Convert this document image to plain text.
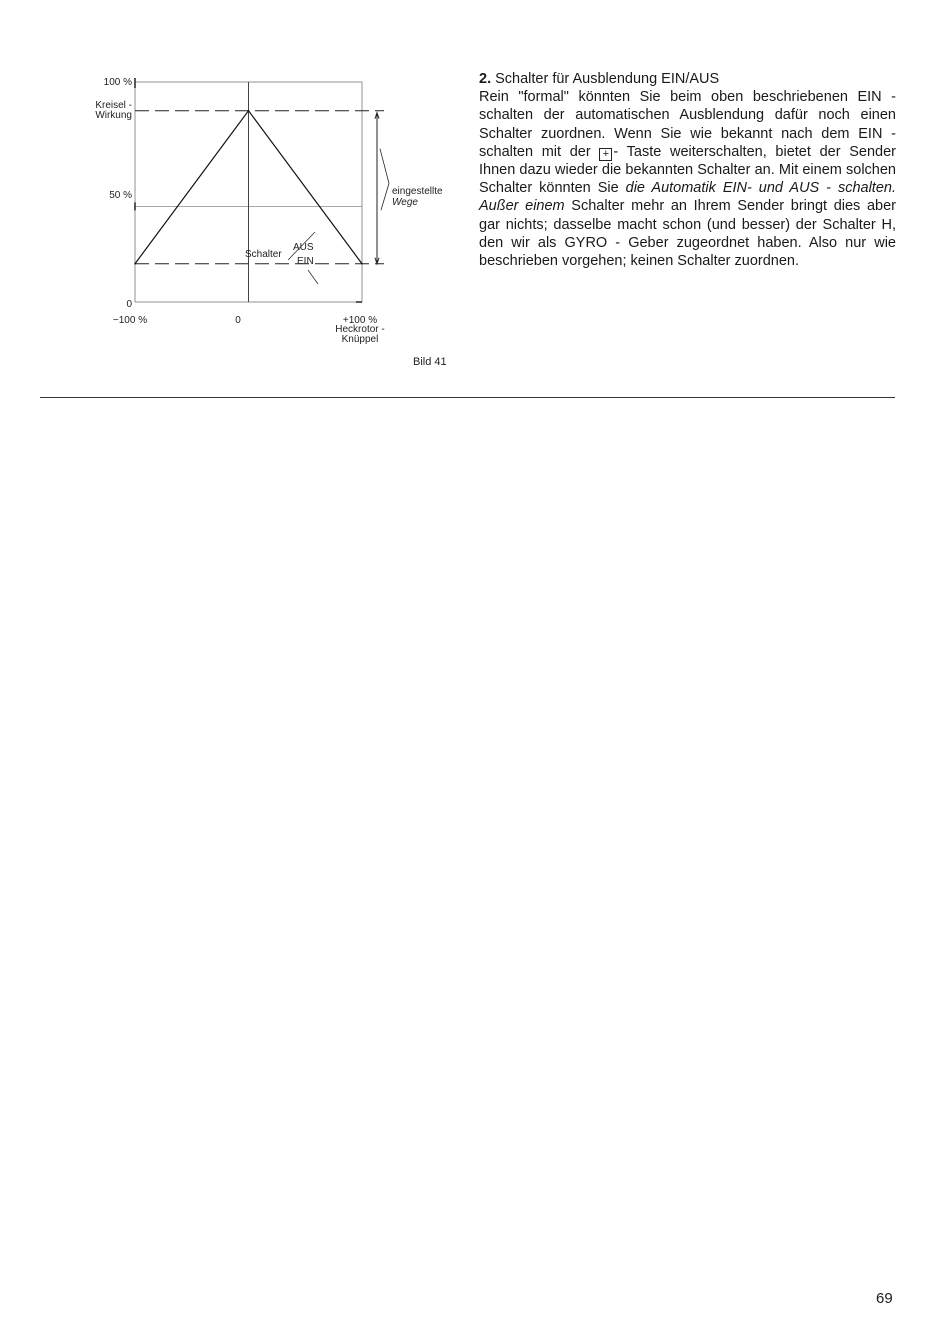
100 %
Kreisel -
Wirkung
50 %
0
−100 %	0	+100 %
Heckrotor -
Knüppel
Schalter
AUS
EIN
eingestellte
Wege
Bild 41

2. Schalter für Ausblendung EIN/AUS

Rein "formal" könnten Sie beim oben beschriebenen EIN - schalten der automatischen Ausblendung dafür noch einen Schalter zuordnen. Wenn Sie wie bekannt nach dem EIN - schalten mit der + - Taste weiterschalten, bietet der Sender Ihnen dazu wieder die bekannten Schalter an. Mit einem solchen Schalter könnten Sie die Automatik EIN- und AUS - schalten. Außer einem Schalter mehr an Ihrem Sender bringt dies aber gar nichts; dasselbe macht schon (und besser) der Schalter H, den wir als GYRO - Geber zugeordnet haben. Also nur wie beschrieben vorgehen; keinen Schalter zuordnen.

69
